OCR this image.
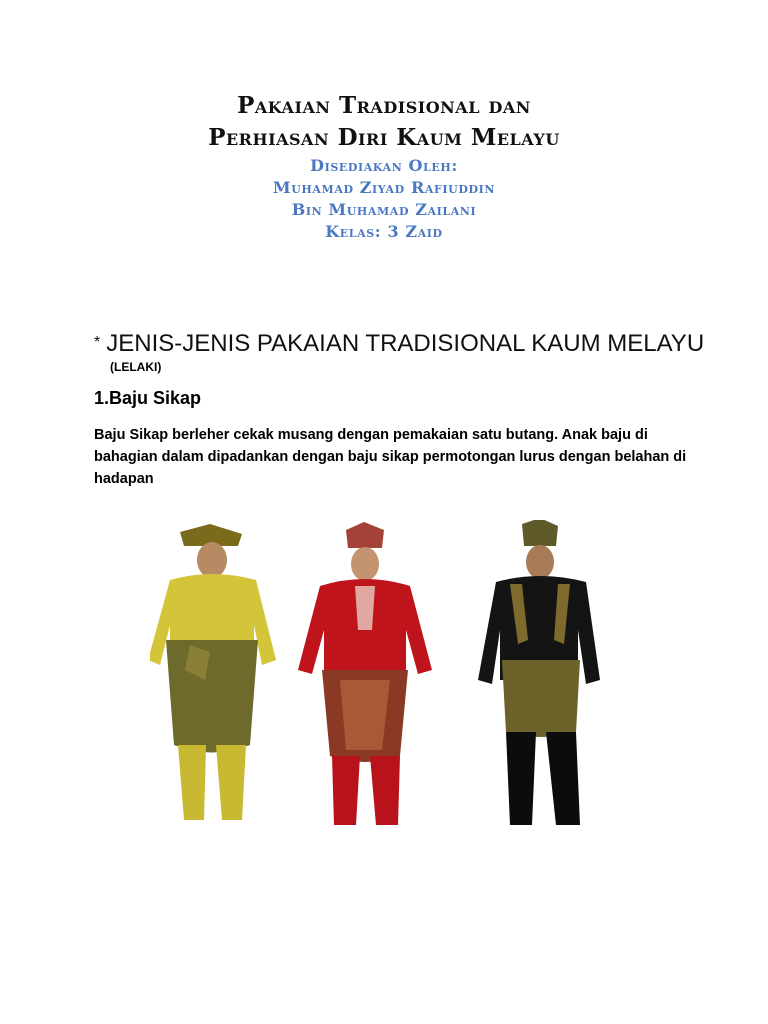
Pakaian Tradisional dan
Perhiasan Diri Kaum Melayu
Disediakan Oleh:
Muhamad Ziyad Rafiuddin
Bin Muhamad Zailani
Kelas: 3 Zaid
* JENIS-JENIS PAKAIAN TRADISIONAL KAUM MELAYU
(LELAKI)
1.Baju Sikap
Baju Sikap berleher cekak musang dengan pemakaian satu butang. Anak baju di bahagian dalam dipadankan dengan baju sikap permotongan lurus dengan belahan di hadapan
